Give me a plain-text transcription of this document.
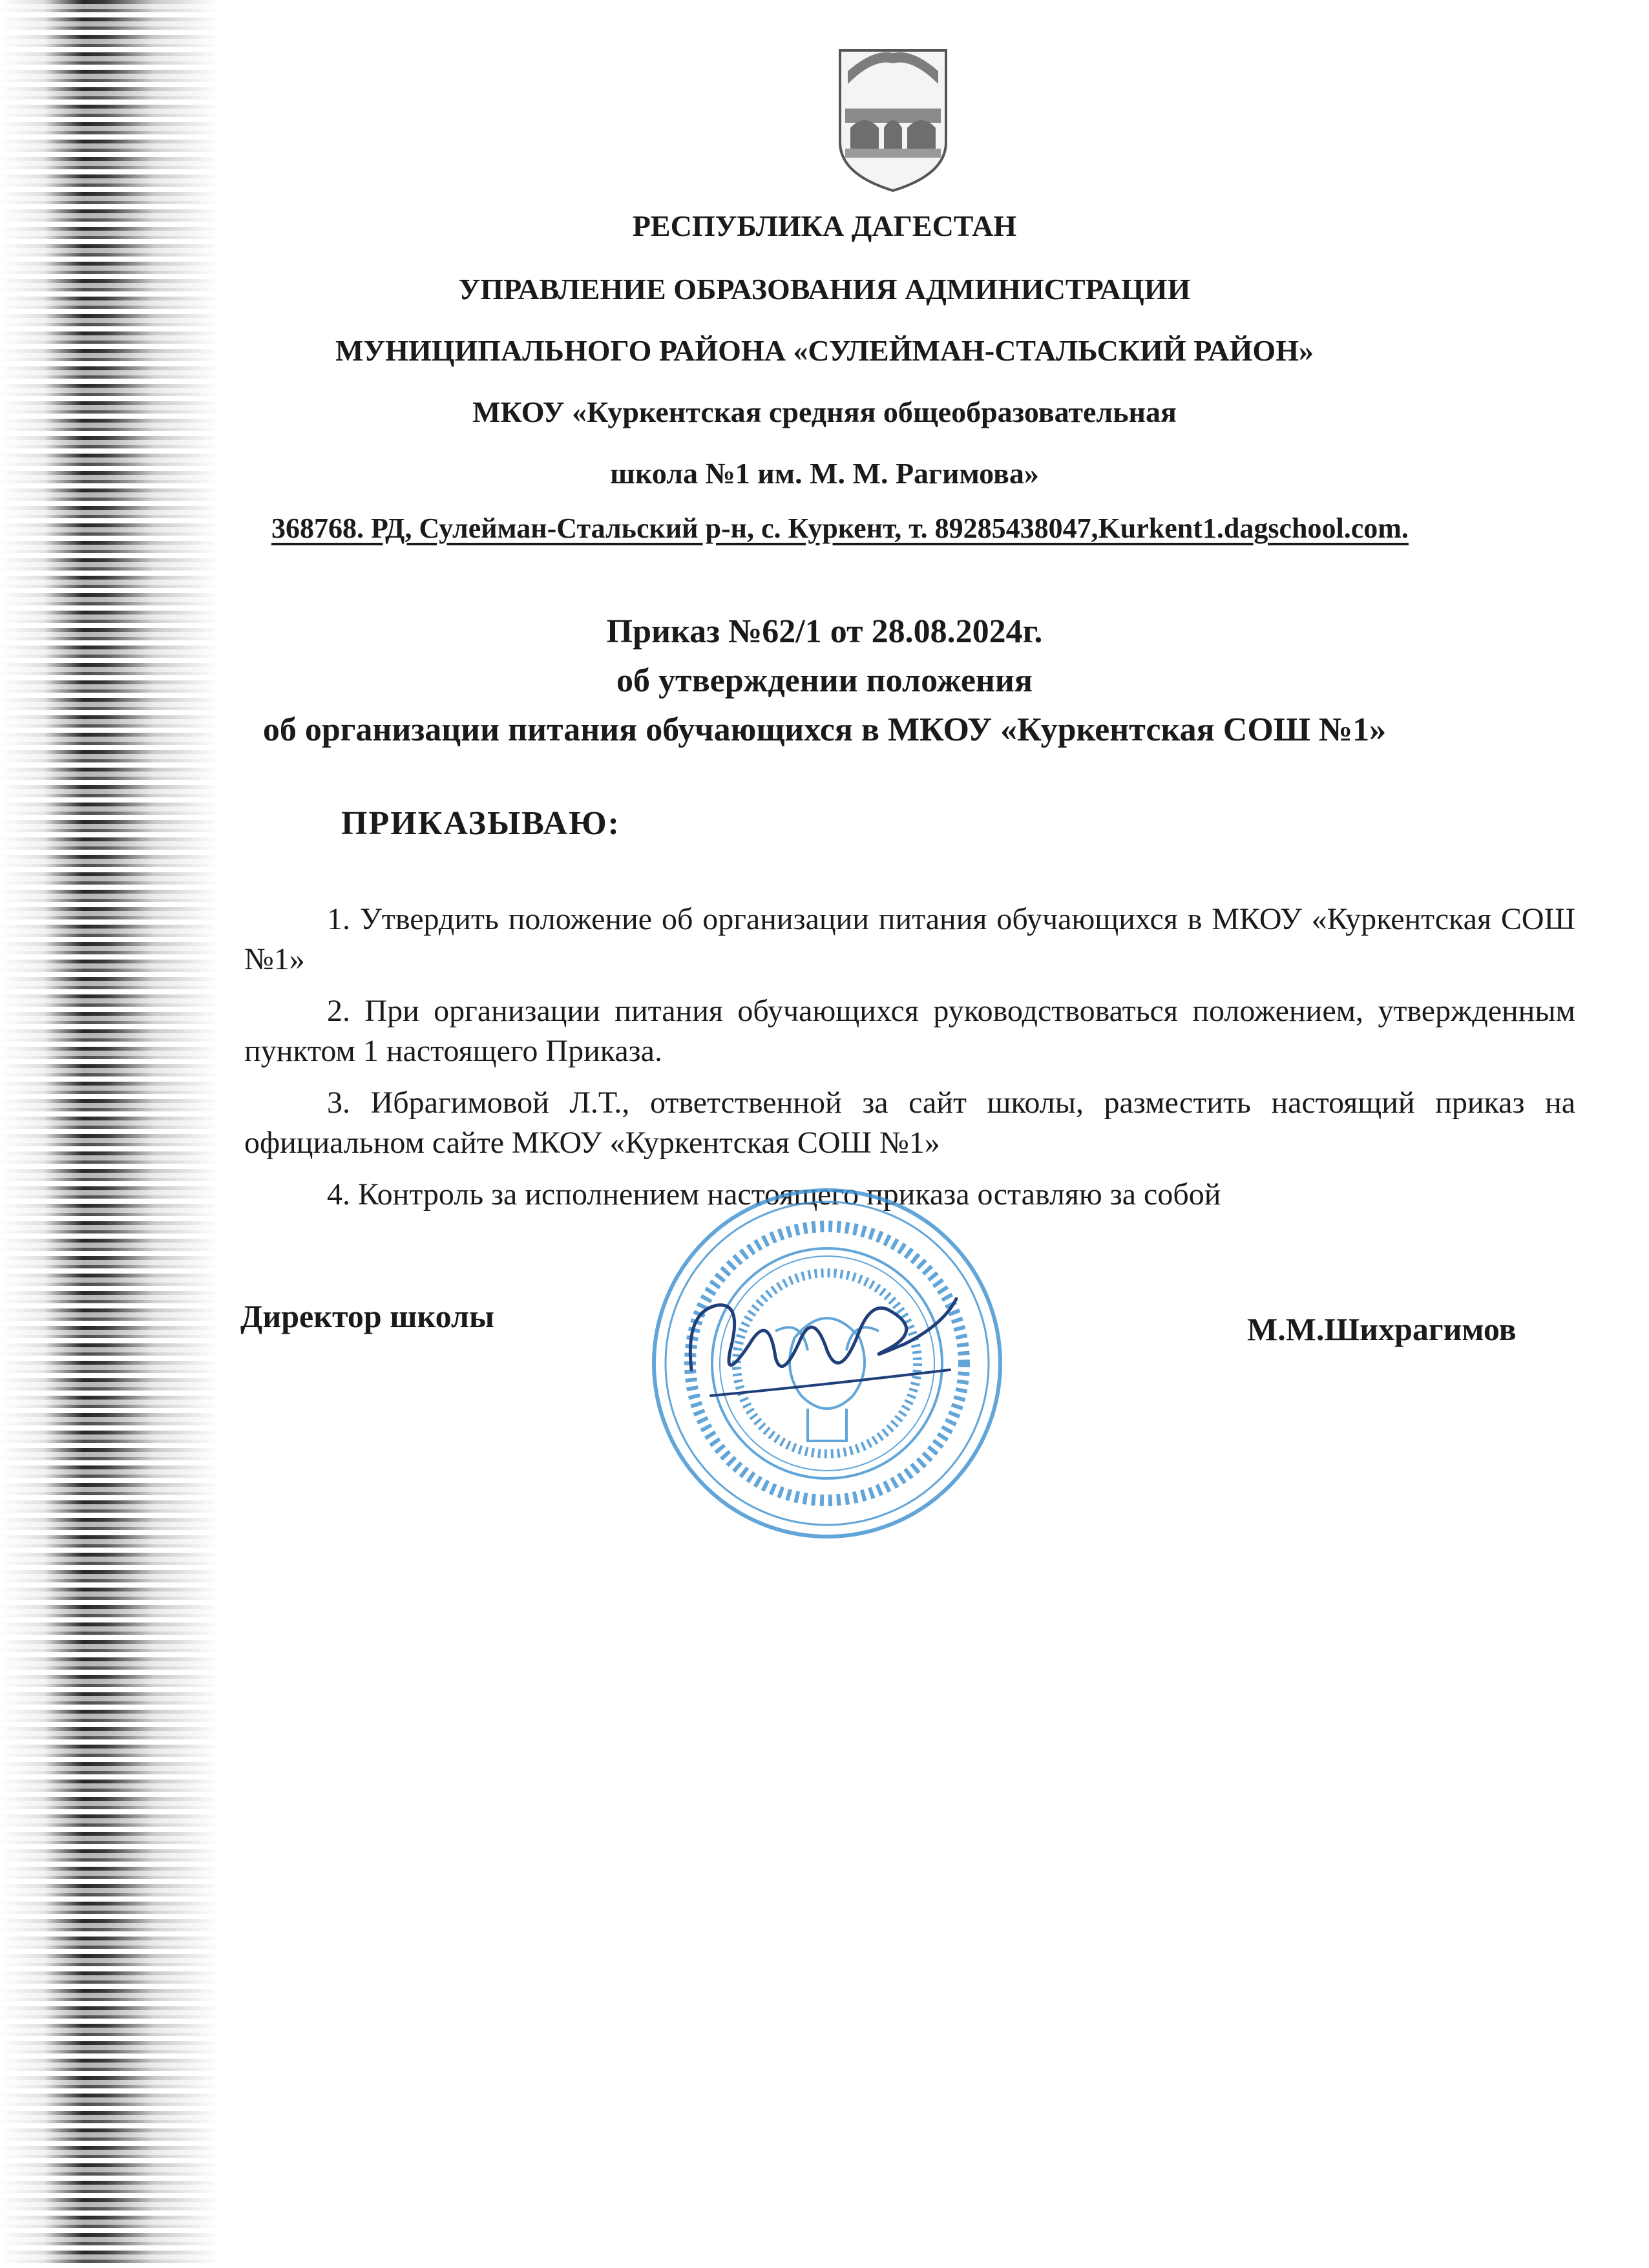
РЕСПУБЛИКА ДАГЕСТАН
УПРАВЛЕНИЕ ОБРАЗОВАНИЯ АДМИНИСТРАЦИИ
МУНИЦИПАЛЬНОГО РАЙОНА «СУЛЕЙМАН-СТАЛЬСКИЙ РАЙОН»
МКОУ «Куркентская средняя общеобразовательная
школа №1 им. М. М. Рагимова»
368768. РД, Сулейман-Стальский р-н, с. Куркент, т. 89285438047,Kurkent1.dagschool.com.
Приказ №62/1 от 28.08.2024г.
об утверждении положения
об организации питания обучающихся в МКОУ «Куркентская СОШ №1»
ПРИКАЗЫВАЮ:
1. Утвердить положение об организации питания обучающихся в МКОУ «Куркентская СОШ №1»
2. При организации питания обучающихся руководствоваться положением, утвержденным пунктом 1 настоящего Приказа.
3. Ибрагимовой Л.Т., ответственной за сайт школы, разместить настоящий приказ на официальном сайте МКОУ «Куркентская СОШ №1»
4. Контроль за исполнением настоящего приказа оставляю за собой
Директор школы	М.М.Шихрагимов
